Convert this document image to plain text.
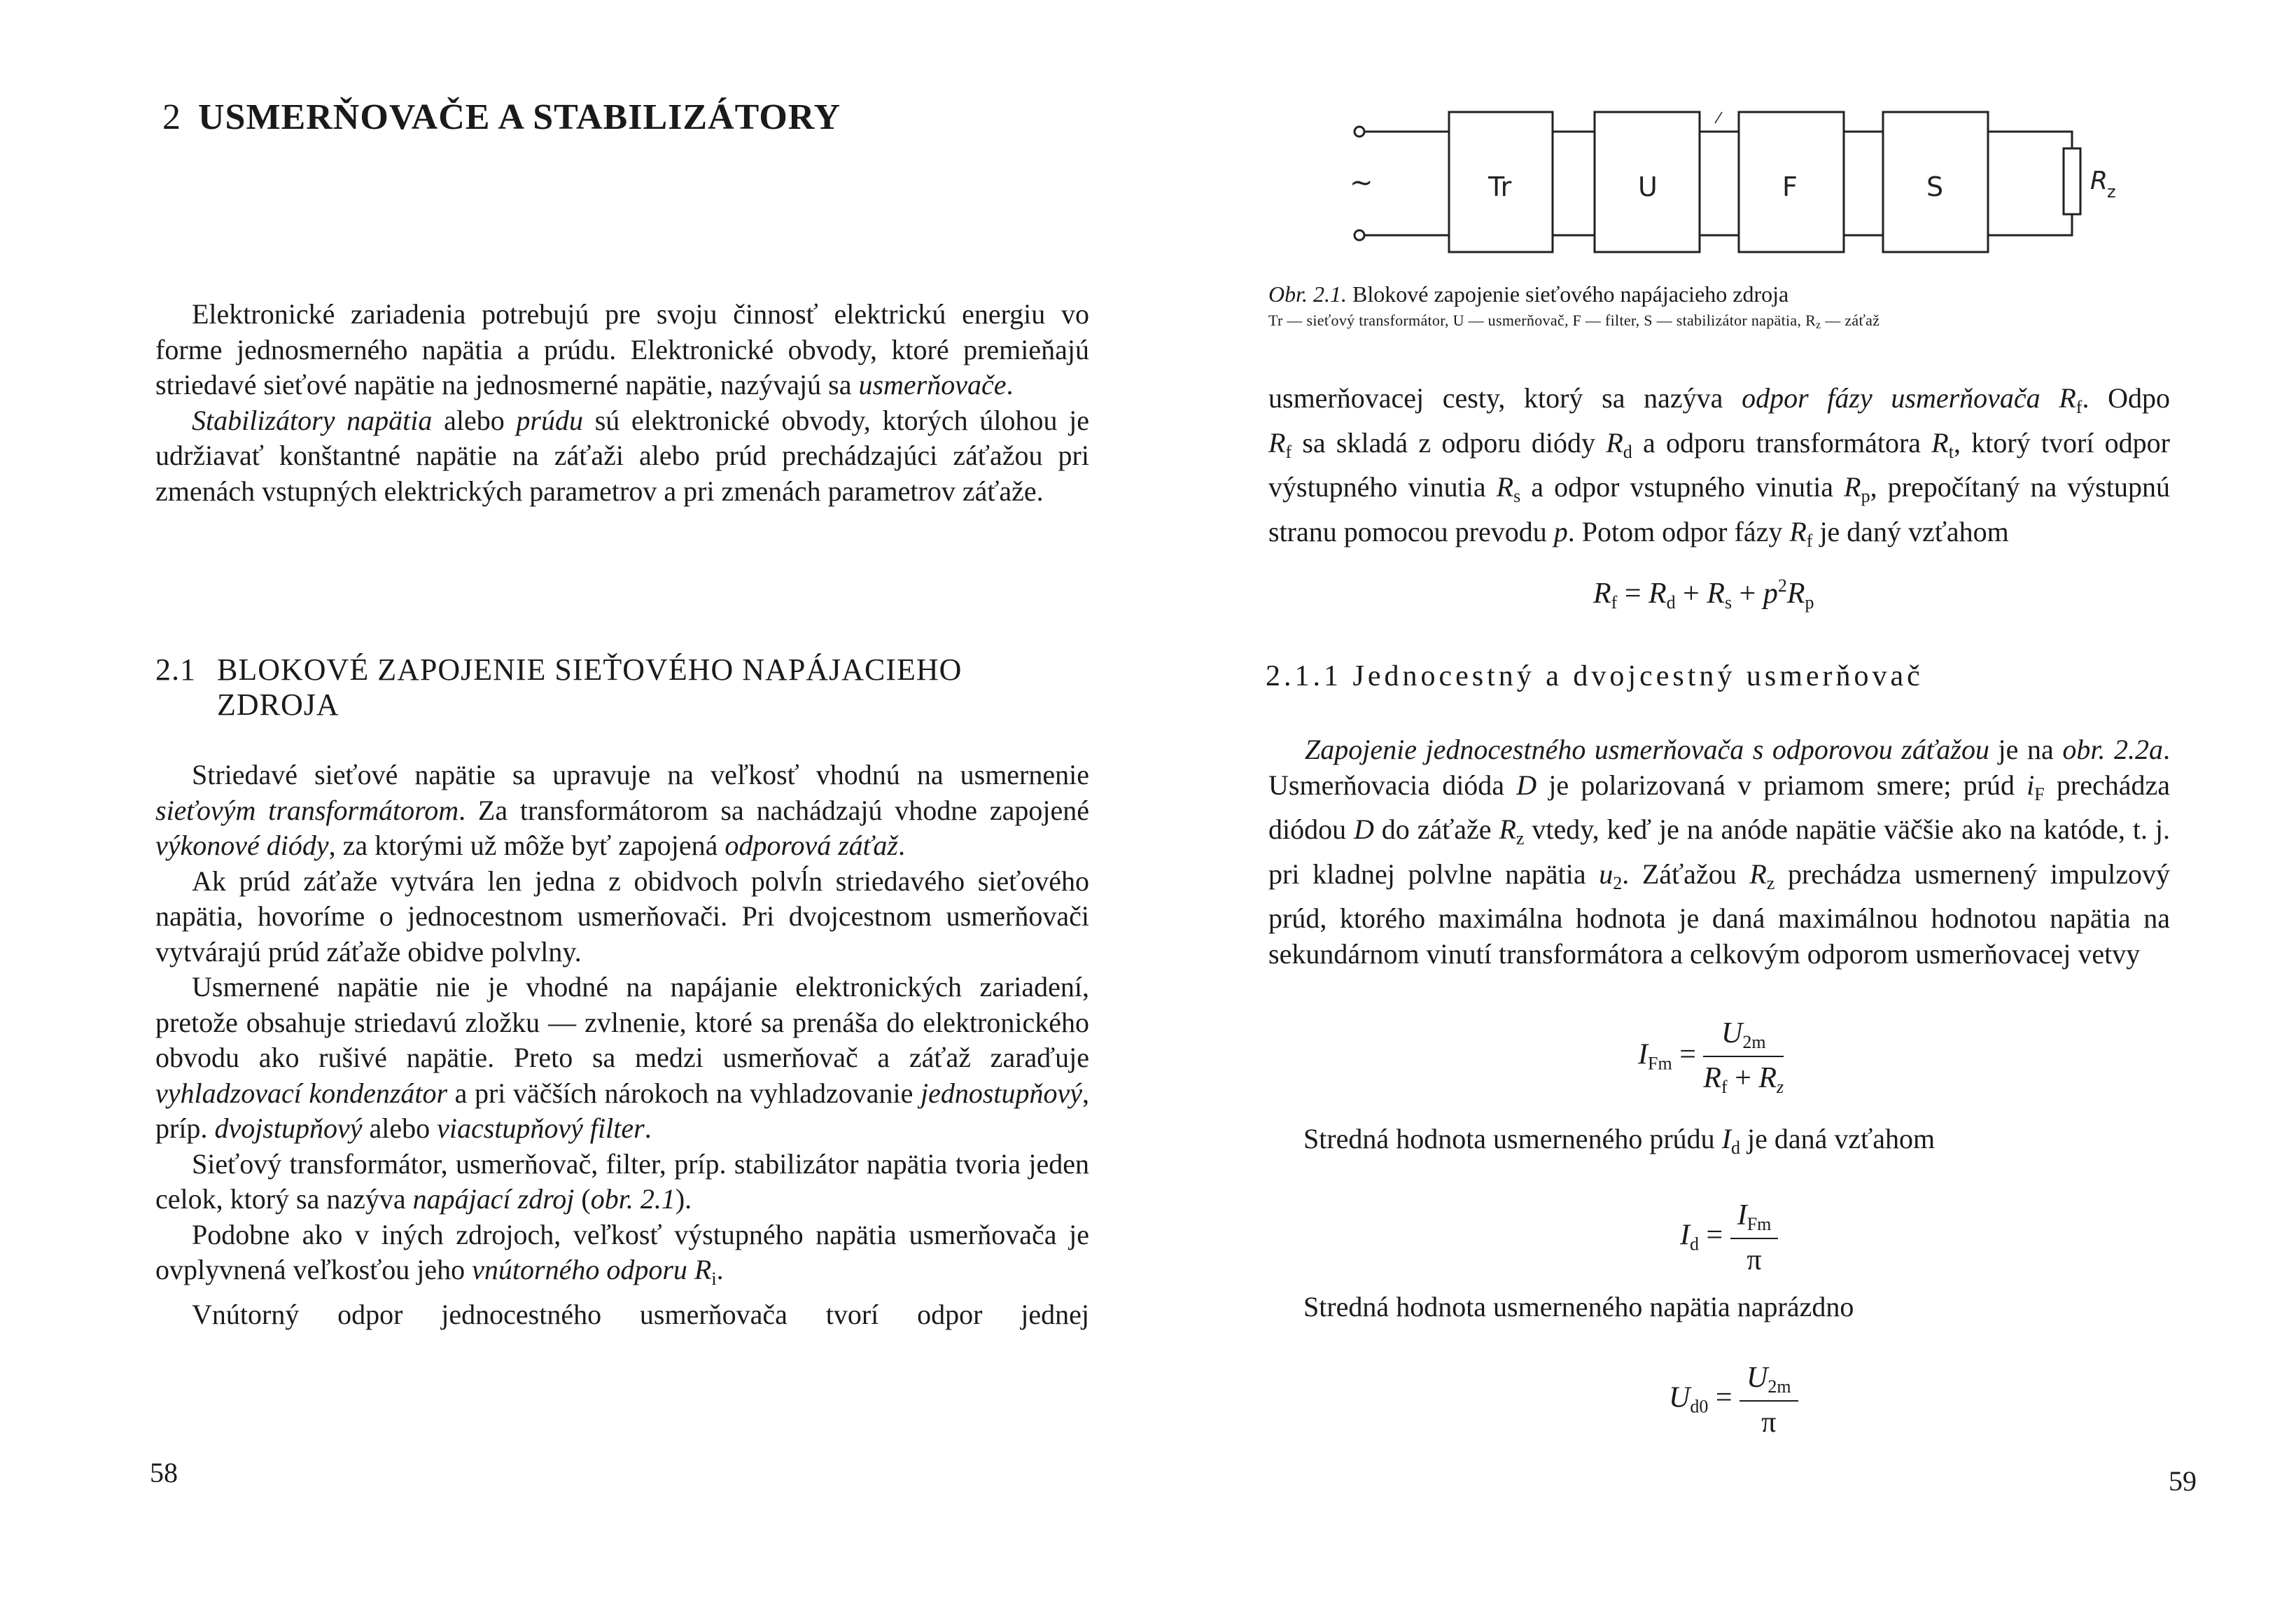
2 USMERŇOVAČE A STABILIZÁTORY

Elektronické zariadenia potrebujú pre svoju činnosť elektrickú energiu vo forme jednosmerného napätia a prúdu. Elektronické obvody, ktoré premieňajú striedavé sieťové napätie na jednosmerné napätie, nazývajú sa usmerňovače.

Stabilizátory napätia alebo prúdu sú elektronické obvody, ktorých úlohou je udržiavať konštantné napätie na záťaži alebo prúd prechádzajúci záťažou pri zmenách vstupných elektrických parametrov a pri zmenách parametrov záťaže.

2.1 BLOKOVÉ ZAPOJENIE SIEŤOVÉHO NAPÁJACIEHO
ZDROJA

Striedavé sieťové napätie sa upravuje na veľkosť vhodnú na usmernenie sieťovým transformátorom. Za transformátorom sa nachádzajú vhodne zapojené výkonové diódy, za ktorými už môže byť zapojená odporová záťaž.

Ak prúd záťaže vytvára len jedna z obidvoch polvĺn striedavého sieťového napätia, hovoríme o jednocestnom usmerňovači. Pri dvojcestnom usmerňovači vytvárajú prúd záťaže obidve polvlny.

Usmernené napätie nie je vhodné na napájanie elektronických zariadení, pretože obsahuje striedavú zložku — zvlnenie, ktoré sa prenáša do elektronického obvodu ako rušivé napätie. Preto sa medzi usmerňovač a záťaž zaraďuje vyhladzovací kondenzátor a pri väčších nárokoch na vyhladzovanie jednostupňový, príp. dvojstupňový alebo viacstupňový filter.

Sieťový transformátor, usmerňovač, filter, príp. stabilizátor napätia tvoria jeden celok, ktorý sa nazýva napájací zdroj (obr. 2.1).

Podobne ako v iných zdrojoch, veľkosť výstupného napätia usmerňovača je ovplyvnená veľkosťou jeho vnútorného odporu $R_i$.

Vnútorný odpor jednocestného usmerňovača tvorí odpor jednej

58
~	Tr	U	F	S	R
z
Obr. 2.1. Blokové zapojenie sieťového napájacieho zdroja
Tr — sieťový transformátor, U — usmerňovač, F — filter, S — stabilizátor napätia, Rz — záťaž

usmerňovacej cesty, ktorý sa nazýva odpor fázy usmerňovača $R_f$. Odpo

$R_f$ sa skladá z odporu diódy $R_d$ a odporu transformátora $R_t$, ktorý tvorí odpor výstupného vinutia $R_s$ a odpor vstupného vinutia $R_p$, prepočítaný na výstupnú stranu pomocou prevodu p. Potom odpor fázy $R_f$ je daný vzťahom

$R_f = R_d + R_s + p^2R_p$
2.1.1 Jednocestný a dvojcestný usmerňovač

Zapojenie jednocestného usmerňovača s odporovou záťažou je na obr. 2.2a. Usmerňovacia dióda D je polarizovaná v priamom smere; prúd $i_F$ prechádza diódou D do záťaže $R_z$ vtedy, keď je na anóde napätie väčšie ako na katóde, t. j. pri kladnej polvlne napätia $u_2$. Záťažou $R_z$ prechádza usmernený impulzový prúd, ktorého maximálna hodnota je daná maximálnou hodnotou napätia na sekundárnom vinutí transformátora a celkovým odporom usmerňovacej vetvy

$I_{Fm} = \frac{U_{2m}}{R_f + Rz}$

Stredná hodnota usmerneného prúdu $I_d$ je daná vzťahom

$I_d = \frac{I_{Fm}}{\pi}$

Stredná hodnota usmerneného napätia naprázdno

$U_{d0} = \frac{U_{2m}}{\pi}$
59
